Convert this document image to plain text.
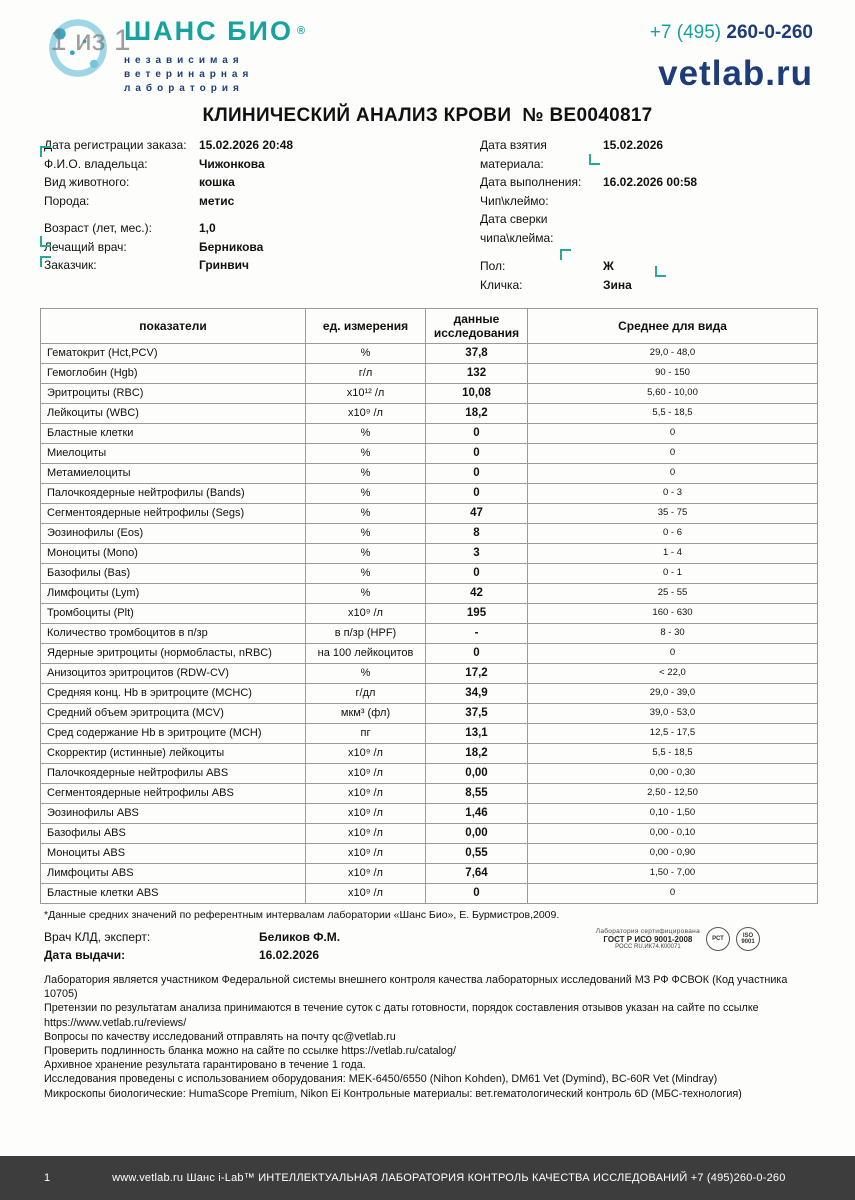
1 из 1
ШАНС БИО ®
независимая
ветеринарная
лаборатория
+7 (495) 260-0-260
vetlab.ru
КЛИНИЧЕСКИЙ АНАЛИЗ КРОВИ  № ВЕ0040817
Дата регистрации заказа:	15.02.2026 20:48
Ф.И.О. владельца:	Чижонкова
Вид животного:	кошка
Порода:	метис
Возраст (лет, мес.):	1,0
Лечащий врач:	Берникова
Заказчик:	Гринвич
Дата взятия материала:
15.02.2026
Дата выполнения:	16.02.2026 00:58
Чип\клеймо:
Дата сверки чипа\клейма:
Пол:	Ж
Кличка:	Зина
показатели	ед. измерения	данные исследования	Среднее для вида
Гематокрит (Hct,PCV)	%	37,8	29,0 - 48,0
Гемоглобин (Hgb)	г/л	132	90 - 150
Эритроциты (RBC)	x10¹² /л	10,08	5,60 - 10,00
Лейкоциты (WBC)	x10⁹ /л	18,2	5,5 - 18,5
Бластные клетки	%	0	0
Миелоциты	%	0	0
Метамиелоциты	%	0	0
Палочкоядерные нейтрофилы (Bands)	%	0	0 - 3
Сегментоядерные нейтрофилы (Segs)	%	47	35 - 75
Эозинофилы (Eos)	%	8	0 - 6
Моноциты (Mono)	%	3	1 - 4
Базофилы (Bas)	%	0	0 - 1
Лимфоциты (Lym)	%	42	25 - 55
Тромбоциты (Plt)	x10⁹ /л	195	160 - 630
Количество тромбоцитов в п/зр	в п/зр (HPF)	-	8 - 30
Ядерные эритроциты (нормобласты, nRBC)	на 100 лейкоцитов	0	0
Анизоцитоз эритроцитов (RDW-CV)	%	17,2	< 22,0
Средняя конц. Hb в эритроците (MCHC)	г/дл	34,9	29,0 - 39,0
Средний объем эритроцита (MCV)	мкм³ (фл)	37,5	39,0 - 53,0
Сред содержание Hb в эритроците (MCH)	пг	13,1	12,5 - 17,5
Скорректир (истинные) лейкоциты	x10⁹ /л	18,2	5,5 - 18,5
Палочкоядерные нейтрофилы ABS	x10⁹ /л	0,00	0,00 - 0,30
Сегментоядерные нейтрофилы ABS	x10⁹ /л	8,55	2,50 - 12,50
Эозинофилы ABS	x10⁹ /л	1,46	0,10 - 1,50
Базофилы ABS	x10⁹ /л	0,00	0,00 - 0,10
Моноциты ABS	x10⁹ /л	0,55	0,00 - 0,90
Лимфоциты ABS	x10⁹ /л	7,64	1,50 - 7,00
Бластные клетки ABS	x10⁹ /л	0	0
*Данные средних значений по референтным интервалам лаборатории «Шанс Био», Е. Бурмистров,2009.
Врач КЛД, эксперт:	Беликов Ф.М.
Дата выдачи:	16.02.2026
Лаборатория сертифицирована
ГОСТ Р ИСО 9001-2008
РОСС RU.ИК74.К00071
РСТ
ISO 9001
Лаборатория является участником Федеральной системы внешнего контроля качества лабораторных исследований МЗ РФ ФСВОК (Код участника 10705)
Претензии по результатам анализа принимаются в течение суток с даты готовности, порядок составления отзывов указан на сайте по ссылке https://www.vetlab.ru/reviews/
Вопросы по качеству исследований отправлять на почту qc@vetlab.ru
Проверить подлинность бланка можно на сайте по ссылке https://vetlab.ru/catalog/
Архивное хранение результата гарантировано в течение 1 года.
Исследования проведены с использованием оборудования: MEK-6450/6550 (Nihon Kohden), DM61 Vet (Dymind), BC-60R Vet (Mindray)
Микроскопы биологические: HumaScope Premium, Nikon Ei Контрольные материалы: вет.гематологический контроль 6D (МБС-технология)
1	www.vetlab.ru Шанс i-Lab™ ИНТЕЛЛЕКТУАЛЬНАЯ ЛАБОРАТОРИЯ КОНТРОЛЬ КАЧЕСТВА ИССЛЕДОВАНИЙ +7 (495)260-0-260
